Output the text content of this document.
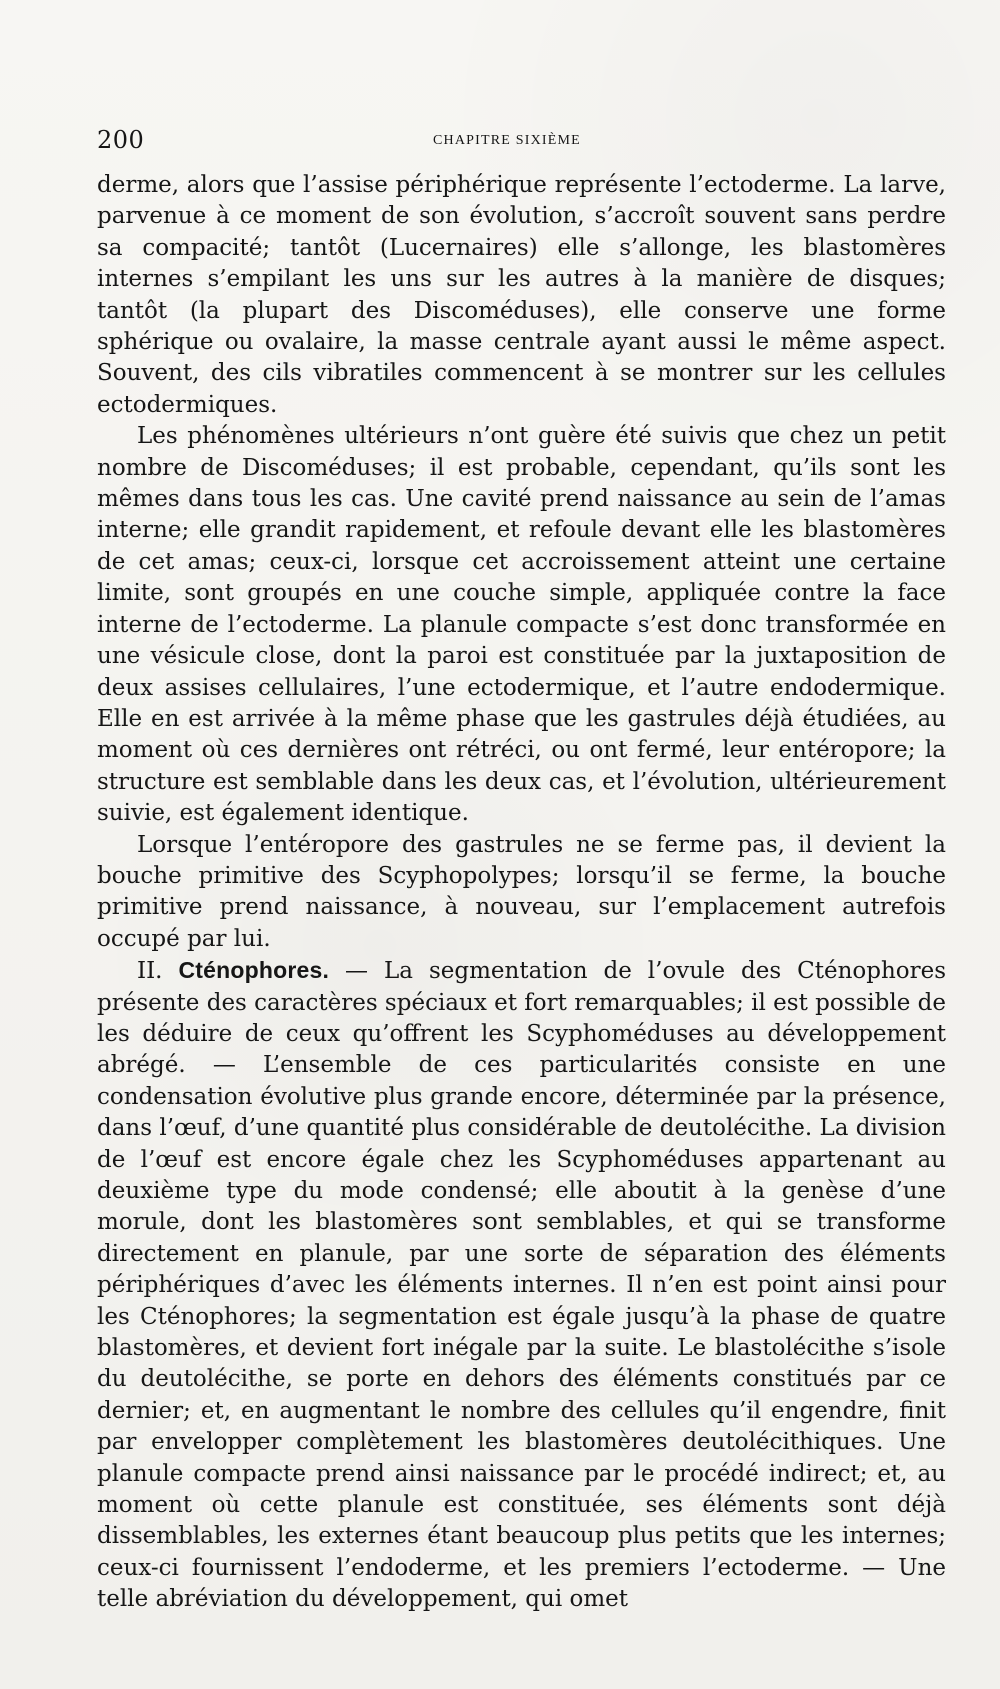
200	CHAPITRE SIXIÈME

derme, alors que l’assise périphérique représente l’ectoderme. La larve, parvenue à ce moment de son évolution, s’accroît souvent sans perdre sa compacité; tantôt (Lucernaires) elle s’allonge, les blastomères internes s’empilant les uns sur les autres à la manière de disques; tantôt (la plupart des Discoméduses), elle conserve une forme sphérique ou ovalaire, la masse centrale ayant aussi le même aspect. Souvent, des cils vibratiles commencent à se montrer sur les cellules ectodermiques.

Les phénomènes ultérieurs n’ont guère été suivis que chez un petit nombre de Discoméduses; il est probable, cependant, qu’ils sont les mêmes dans tous les cas. Une cavité prend naissance au sein de l’amas interne; elle grandit rapidement, et refoule devant elle les blastomères de cet amas; ceux-ci, lorsque cet accroissement atteint une certaine limite, sont groupés en une couche simple, appliquée contre la face interne de l’ectoderme. La planule compacte s’est donc transformée en une vésicule close, dont la paroi est constituée par la juxtaposition de deux assises cellulaires, l’une ectodermique, et l’autre endodermique. Elle en est arrivée à la même phase que les gastrules déjà étudiées, au moment où ces dernières ont rétréci, ou ont fermé, leur entéropore; la structure est semblable dans les deux cas, et l’évolution, ultérieurement suivie, est également identique.

Lorsque l’entéropore des gastrules ne se ferme pas, il devient la bouche primitive des Scyphopolypes; lorsqu’il se ferme, la bouche primitive prend naissance, à nouveau, sur l’emplacement autrefois occupé par lui.

II. Cténophores. — La segmentation de l’ovule des Cténophores présente des caractères spéciaux et fort remarquables; il est possible de les déduire de ceux qu’offrent les Scyphoméduses au développement abrégé. — L’ensemble de ces particularités consiste en une condensation évolutive plus grande encore, déterminée par la présence, dans l’œuf, d’une quantité plus considérable de deutolécithe. La division de l’œuf est encore égale chez les Scyphoméduses appartenant au deuxième type du mode condensé; elle aboutit à la genèse d’une morule, dont les blastomères sont semblables, et qui se transforme directement en planule, par une sorte de séparation des éléments périphériques d’avec les éléments internes. Il n’en est point ainsi pour les Cténophores; la segmentation est égale jusqu’à la phase de quatre blastomères, et devient fort inégale par la suite. Le blastolécithe s’isole du deutolécithe, se porte en dehors des éléments constitués par ce dernier; et, en augmentant le nombre des cellules qu’il engendre, finit par envelopper complètement les blastomères deutolécithiques. Une planule compacte prend ainsi naissance par le procédé indirect; et, au moment où cette planule est constituée, ses éléments sont déjà dissemblables, les externes étant beaucoup plus petits que les internes; ceux-ci fournissent l’endoderme, et les premiers l’ectoderme. — Une telle abréviation du développement, qui omet
